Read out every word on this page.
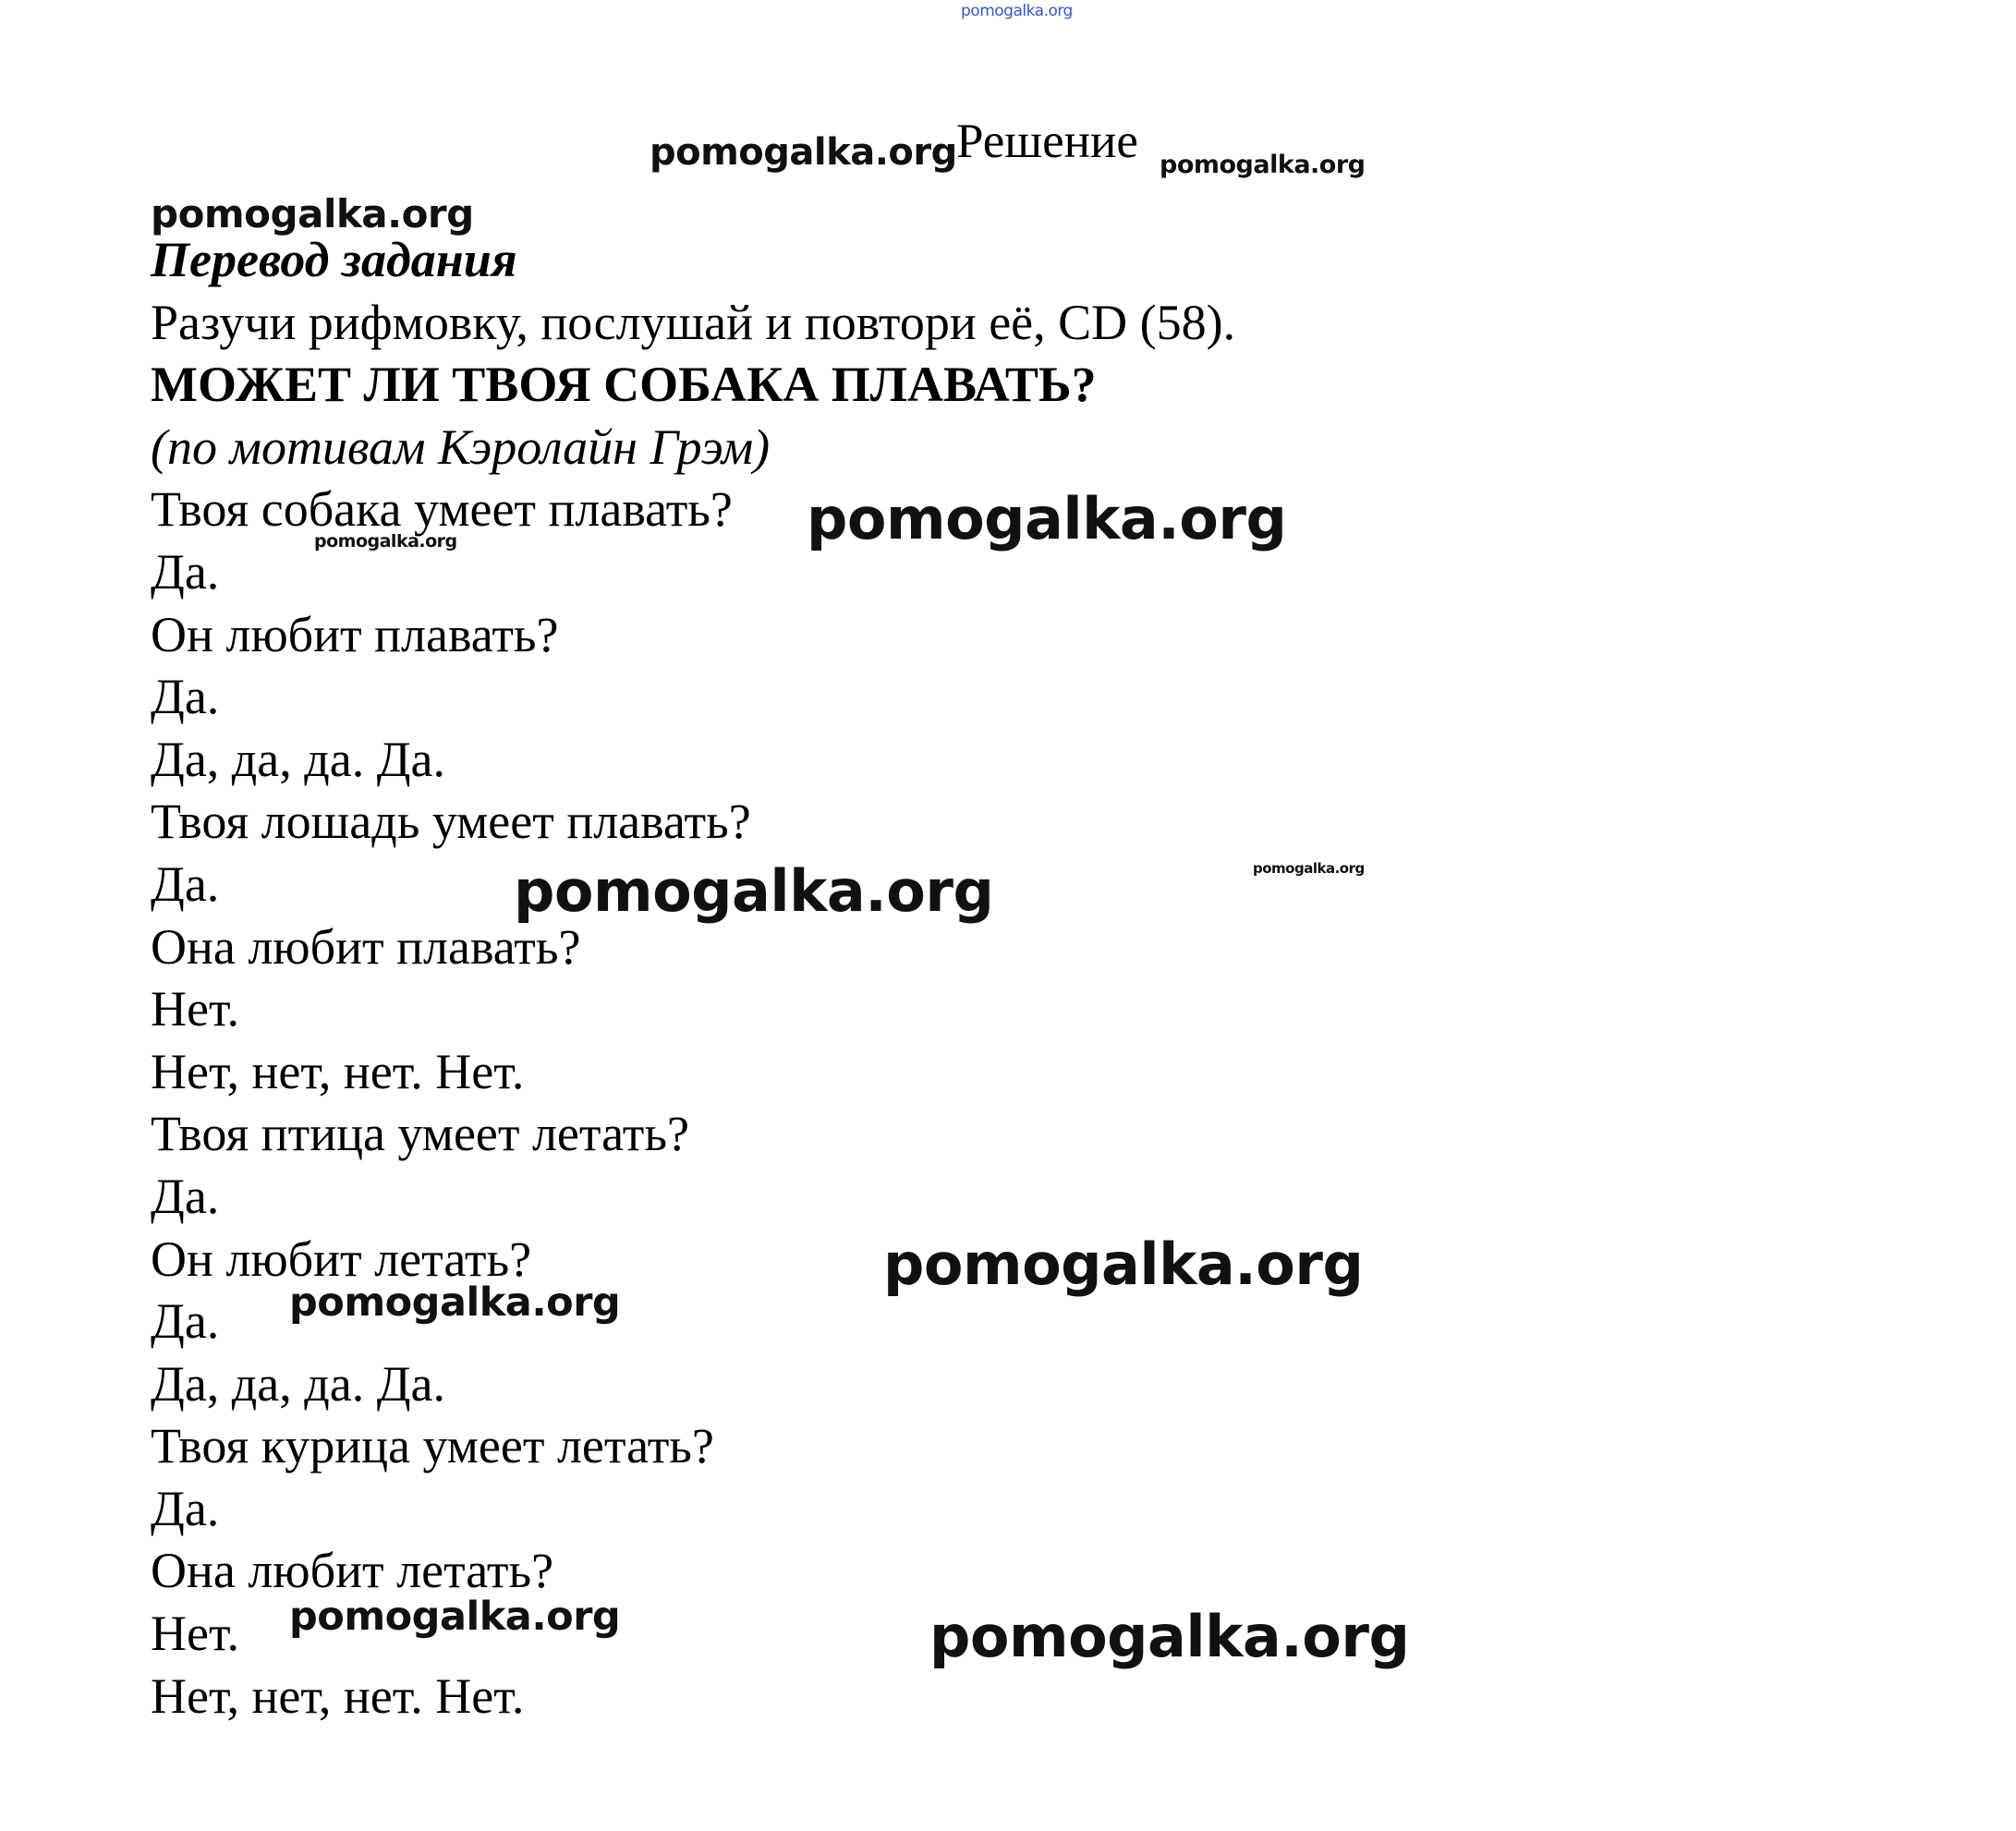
Решение
Перевод задания
Разучи рифмовку, послушай и повтори её, CD (58).
МОЖЕТ ЛИ ТВОЯ СОБАКА ПЛАВАТЬ?
(по мотивам Кэролайн Грэм)
Твоя собака умеет плавать?
Да.
Он любит плавать?
Да.
Да, да, да. Да.
Твоя лошадь умеет плавать?
Да.
Она любит плавать?
Нет.
Нет, нет, нет. Нет.
Твоя птица умеет летать?
Да.
Он любит летать?
Да.
Да, да, да. Да.
Твоя курица умеет летать?
Да.
Она любит летать?
Нет.
Нет, нет, нет. Нет.
pomogalka.org
pomogalka.org	pomogalka.org
pomogalka.org
pomogalka.org
pomogalka.org
pomogalka.org	pomogalka.org
pomogalka.org
pomogalka.org
pomogalka.org	pomogalka.org
